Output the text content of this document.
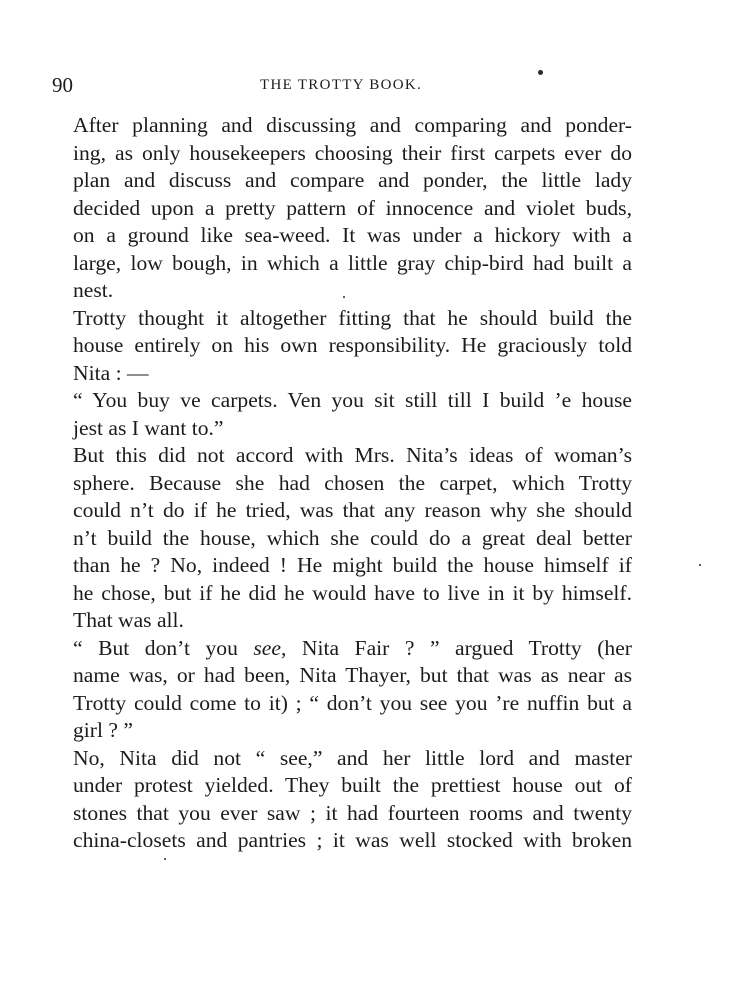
90	THE TROTTY BOOK.

After planning and discussing and comparing and ponder-
ing, as only housekeepers choosing their first carpets ever do
plan and discuss and compare and ponder, the little lady
decided upon a pretty pattern of innocence and violet buds,
on a ground like sea-weed. It was under a hickory with a
large, low bough, in which a little gray chip-bird had built a
nest.

Trotty thought it altogether fitting that he should build the
house entirely on his own responsibility. He graciously told
Nita : —

“ You buy ve carpets. Ven you sit still till I build ’e house
jest as I want to.”

But this did not accord with Mrs. Nita’s ideas of woman’s
sphere. Because she had chosen the carpet, which Trotty
could n’t do if he tried, was that any reason why she should
n’t build the house, which she could do a great deal better
than he ? No, indeed ! He might build the house himself if
he chose, but if he did he would have to live in it by himself.
That was all.

“ But don’t you see, Nita Fair ? ” argued Trotty (her
name was, or had been, Nita Thayer, but that was as near as
Trotty could come to it) ; “ don’t you see you ’re nuffin but a
girl ? ”

No, Nita did not “ see,” and her little lord and master
under protest yielded. They built the prettiest house out of
stones that you ever saw ; it had fourteen rooms and twenty
china-closets and pantries ; it was well stocked with broken
